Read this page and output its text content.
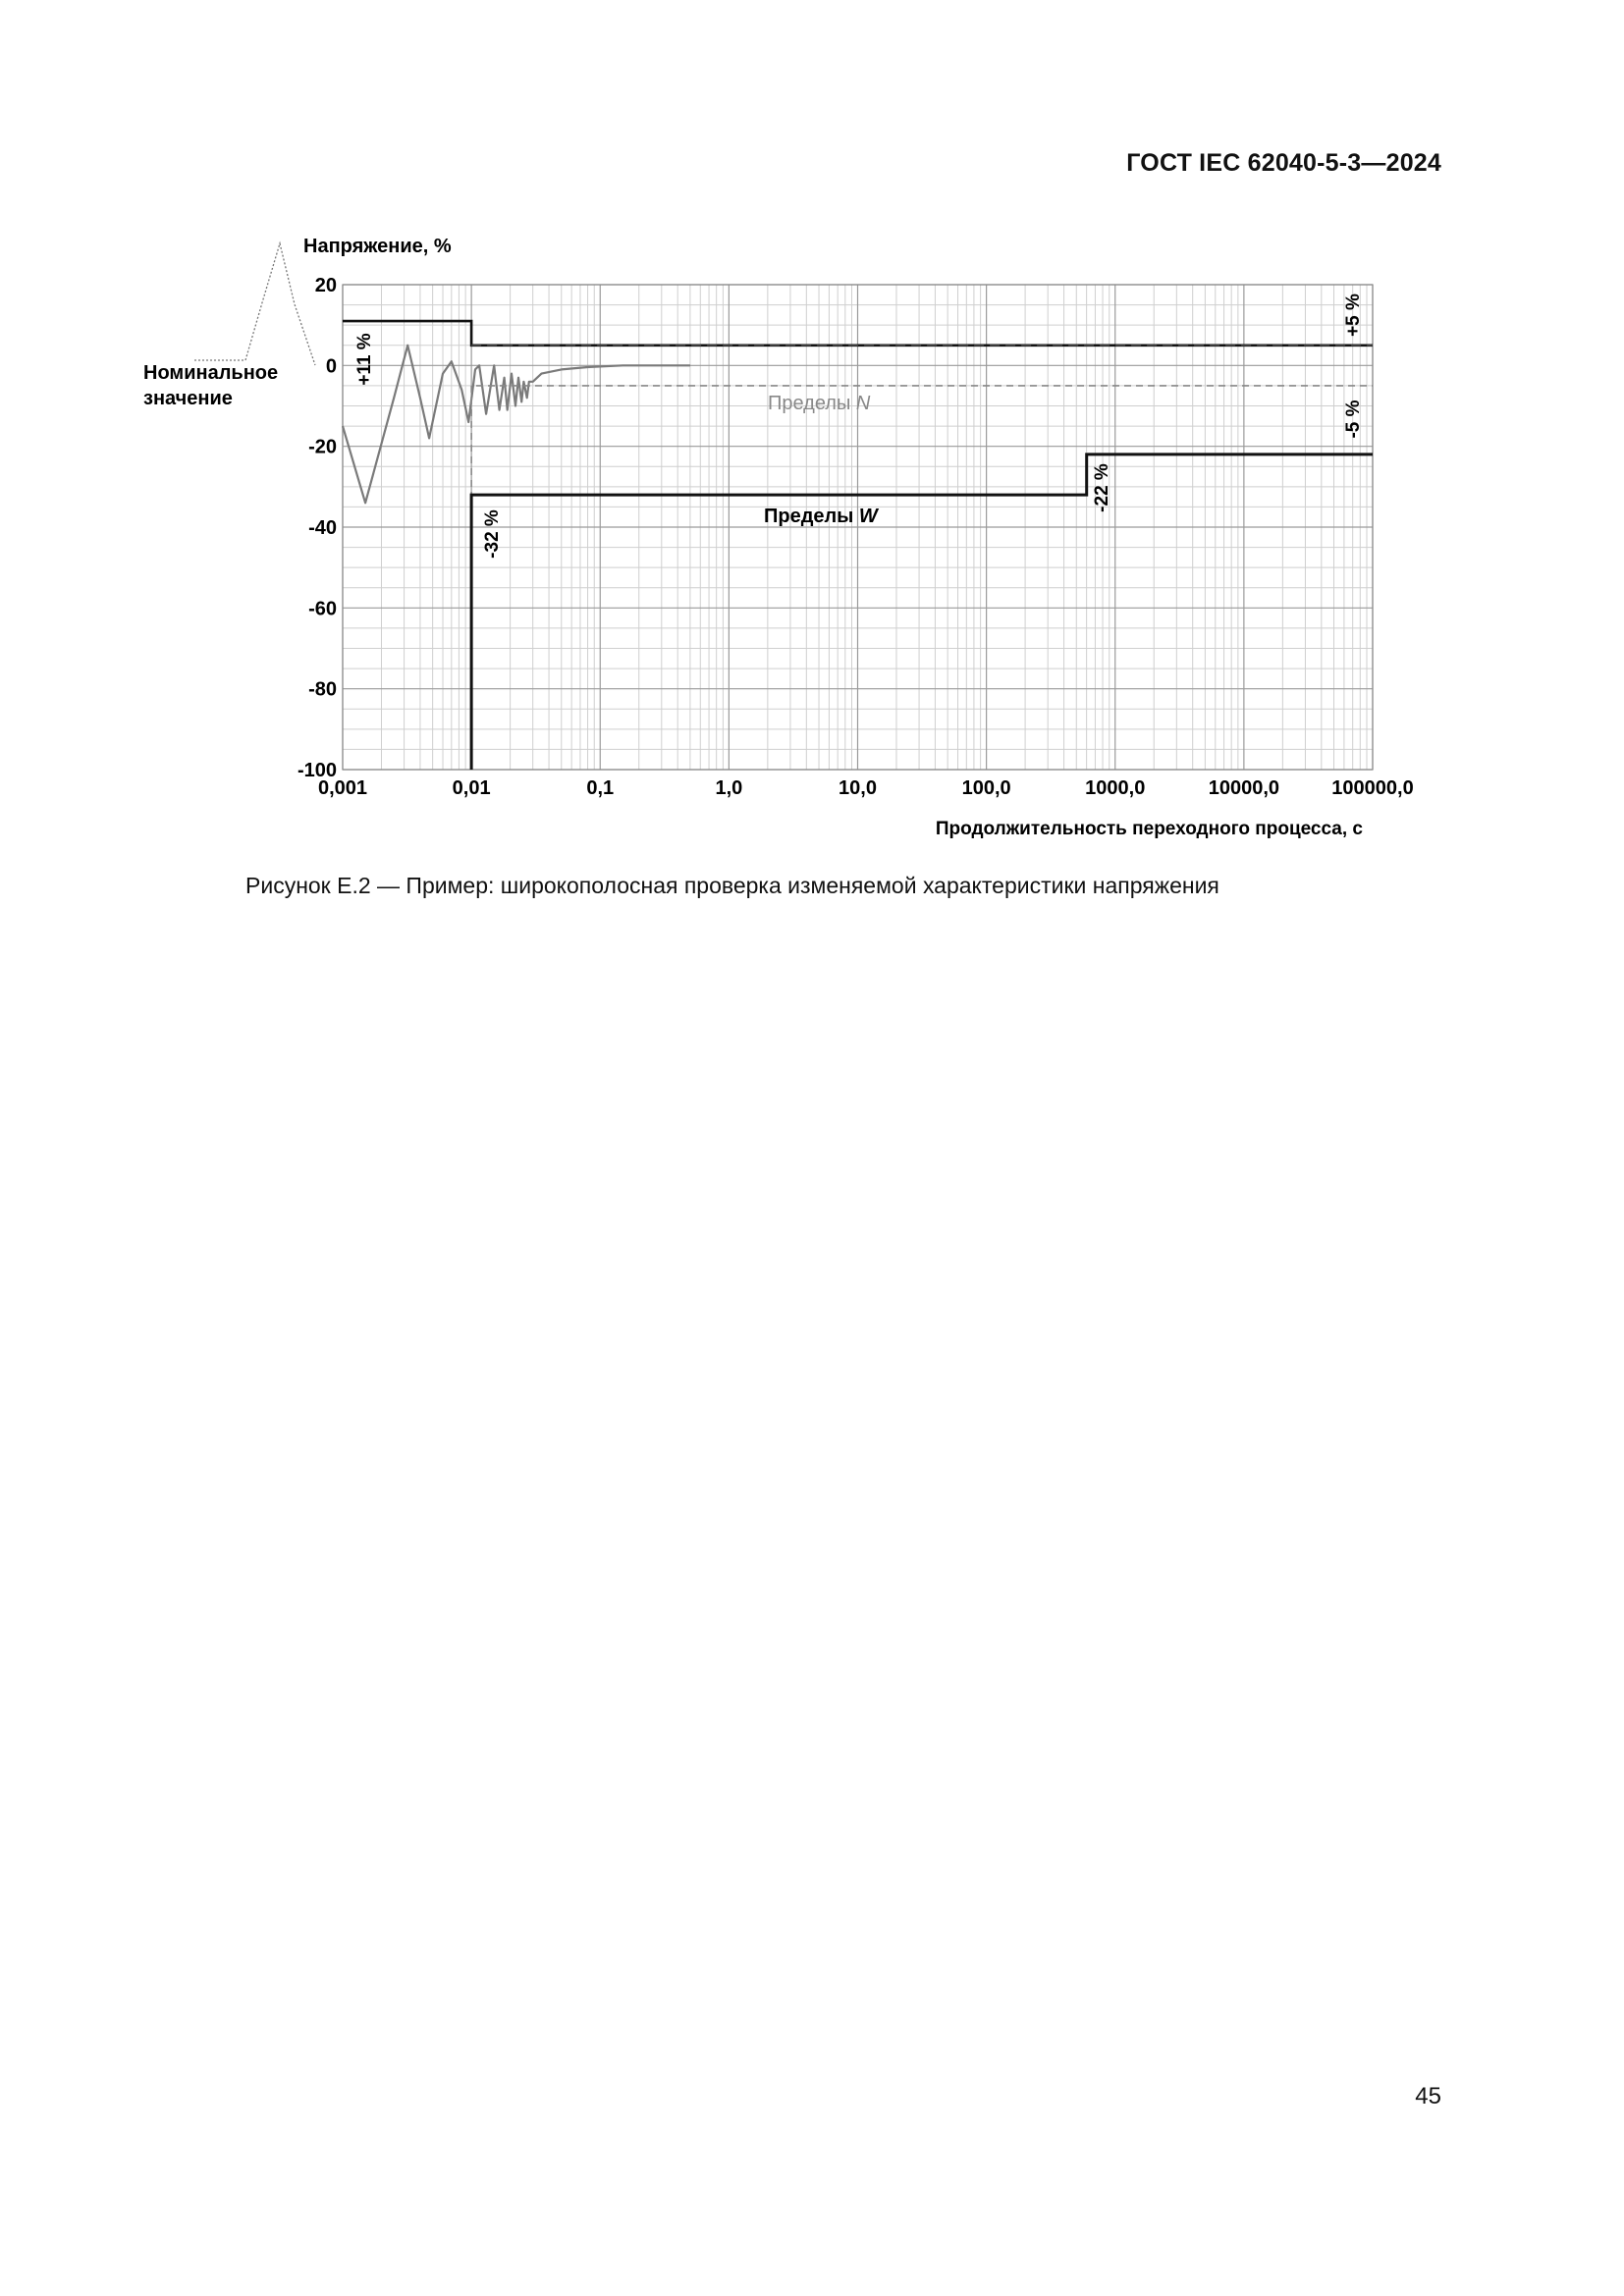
ГОСТ IEC 62040-5-3—2024
20
0
-20
-40
-60
-80
-100
0,001	0,01	0,1	1,0	10,0	100,0	1000,0	10000,0	100000,0
Напряжение, %
Продолжительность переходного процесса, с
Номинальное
значение
Пределы W
Пределы N
+11 %
+5 %
-5 %
-22 %
-32 %
Рисунок Е.2 — Пример: широкополосная проверка изменяемой характеристики напряжения
45
